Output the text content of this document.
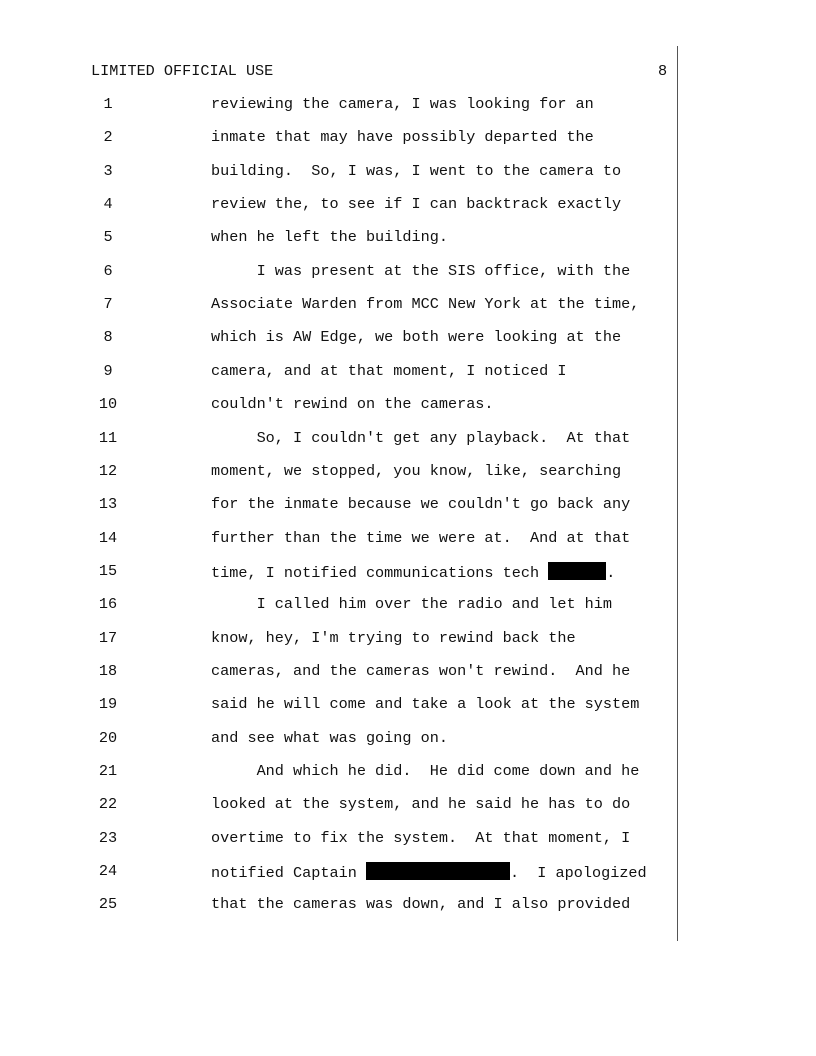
LIMITED OFFICIAL USE	8
1	reviewing the camera, I was looking for an
2	inmate that may have possibly departed the
3	building.  So, I was, I went to the camera to
4	review the, to see if I can backtrack exactly
5	when he left the building.
6	I was present at the SIS office, with the
7	Associate Warden from MCC New York at the time,
8	which is AW Edge, we both were looking at the
9	camera, and at that moment, I noticed I
10	couldn't rewind on the cameras.
11	So, I couldn't get any playback.  At that
12	moment, we stopped, you know, like, searching
13	for the inmate because we couldn't go back any
14	further than the time we were at.  And at that
15	time, I notified communications tech	.
16	I called him over the radio and let him
17	know, hey, I'm trying to rewind back the
18	cameras, and the cameras won't rewind.  And he
19	said he will come and take a look at the system
20	and see what was going on.
21	And which he did.  He did come down and he
22	looked at the system, and he said he has to do
23	overtime to fix the system.  At that moment, I
24	notified Captain	.  I apologized
25	that the cameras was down, and I also provided
